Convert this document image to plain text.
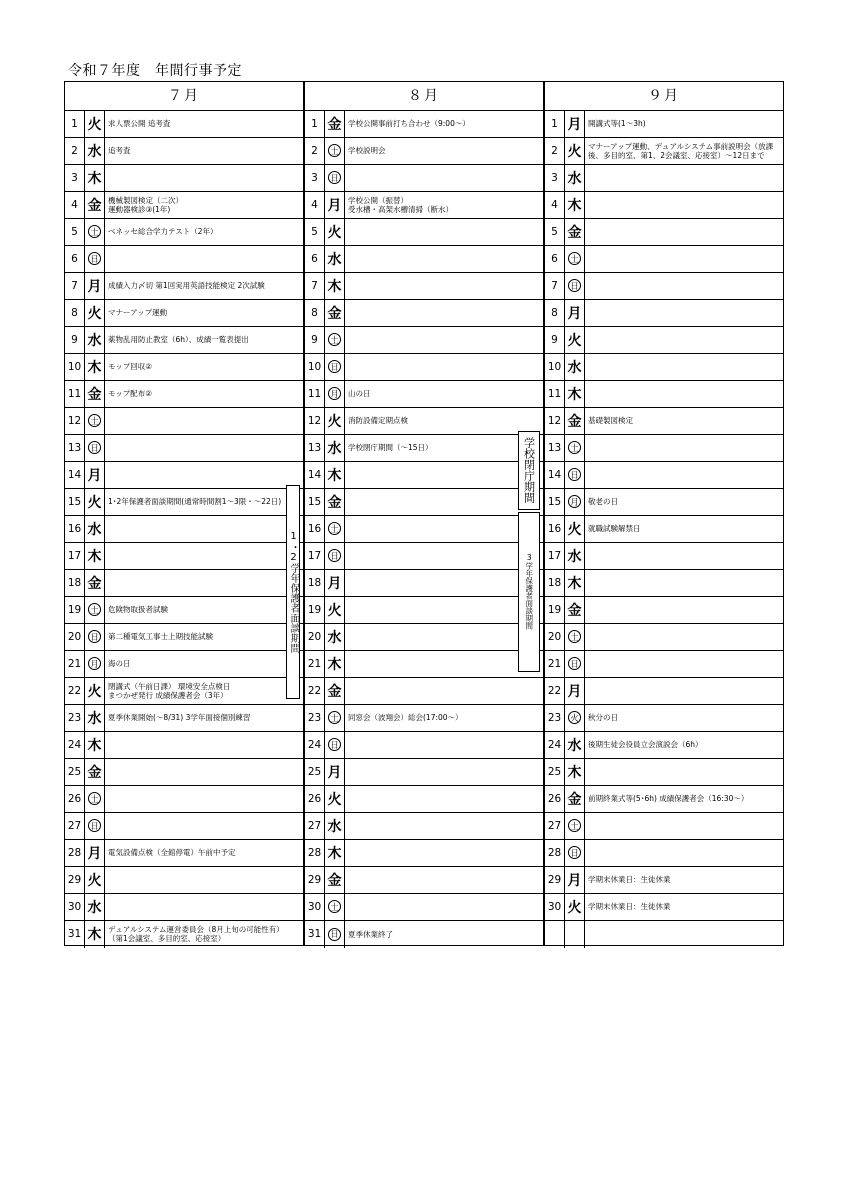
令和７年度　年間行事予定
７月
1 火 求人票公開 追考査
2 水 追考査
3 木
4 金 機械製図検定（二次）
運動器検診③(1年)
5	土	ベネッセ総合学力テスト（2年）
6	日
7 月 成績入力〆切 第1回実用英語技能検定 2次試験
8 火 マナーアップ運動
9 水 薬物乱用防止教室（6h）、成績一覧表提出
10 木 モップ回収②
11 金 モップ配布②
12	土
13	日
14 月
15 火 1･2年保護者面談期間(通常時間割1～3限・～22日)
16 水
17 木
18 金
19	土	危険物取扱者試験
20	日	第二種電気工事士上期技能試験
21	月	海の日
22 火 閉講式（午前日課） 環境安全点検日
まつかぜ発行 成績保護者会（3年）
23 水 夏季休業開始(～8/31) 3学年面接個別練習
24 木
25 金
26	土
27	日
28 月 電気設備点検（全館停電）午前中予定
29 火
30 水
31 木 デュアルシステム運営委員会（8月上旬の可能性有）
（第1会議室、多目的室、応接室）
1･2学年保護者面談期間
８月
1 金 学校公開事前打ち合わせ（9:00～）
2	土	学校説明会
3	日
4 月 学校公開（振替）
受水槽・高架水槽清掃（断水）
5 火
6 水
7 木
8 金
9	土
10	日
11	月	山の日
12 火 消防設備定期点検
13 水 学校閉庁期間（～15日）
14 木
15 金
16	土
17	日
18 月
19 火
20 水
21 木
22 金
23	土	同窓会（波翔会）総会(17:00～）
24	日
25 月
26 火
27 水
28 木
29 金
30	土
31	日	夏季休業終了
学校閉庁期間
3学年保護者面談期間
９月
1 月 開講式等(1～3h)
2 火 マナーアップ運動、デュアルシステム事前説明会（放課
後、多目的室、第1、2会議室、応接室）～12日まで
3 水
4 木
5 金
6	土
7	日
8 月
9 火
10 水
11 木
12 金 基礎製図検定
13	土
14	日
15	月	敬老の日
16 火 就職試験解禁日
17 水
18 木
19 金
20	土
21	日
22 月
23	火	秋分の日
24 水 後期生徒会役員立会演説会（6h）
25 木
26 金 前期終業式等(5･6h) 成績保護者会（16:30～）
27	土
28	日
29 月 学期末休業日：生徒休業
30 火 学期末休業日：生徒休業
